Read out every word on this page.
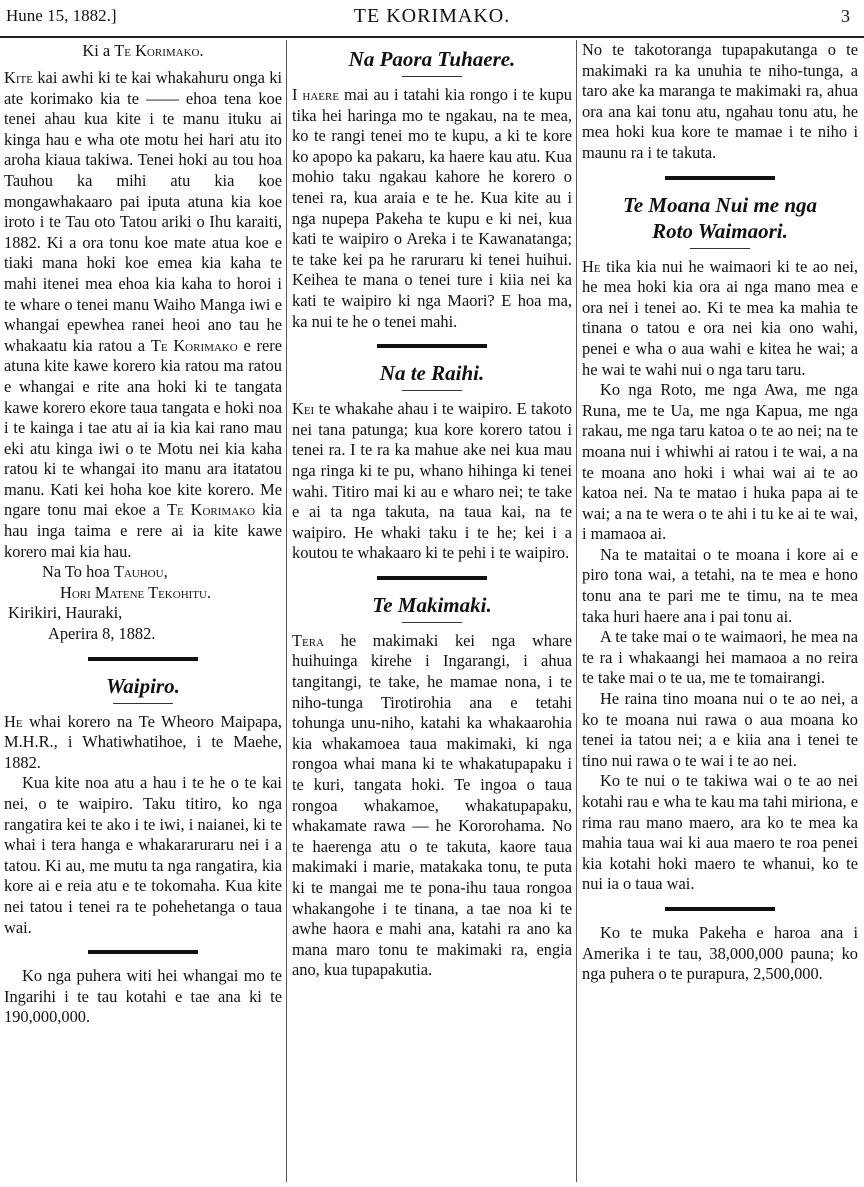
Hune 15, 1882.]	TE KORIMAKO.	3
Ki a Te Korimako.

Kite kai awhi ki te kai whakahuru onga ki ate korimako kia te —— ehoa tena koe tenei ahau kua kite i te manu ituku ai kinga hau e wha ote motu hei hari atu ito aroha kiaua takiwa. Tenei hoki au tou hoa Tauhou ka mihi atu kia koe mongawhakaaro pai iputa atuna kia koe iroto i te Tau oto Tatou ariki o Ihu karaiti, 1882. Ki a ora tonu koe mate atua koe e tiaki mana hoki koe emea kia kaha te mahi itenei mea ehoa kia kaha to horoi i te whare o tenei manu Waiho Manga iwi e whangai epewhea ranei heoi ano tau he whakaatu kia ratou a Te Korimako e rere atuna kite kawe korero kia ratou ma ratou e whangai e rite ana hoki ki te tangata kawe korero ekore taua tangata e hoki noa i te kainga i tae atu ai ia kia kai rano mau eki atu kinga iwi o te Motu nei kia kaha ratou ki te whangai ito manu ara itatatou manu. Kati kei hoha koe kite korero. Me ngare tonu mai ekoe a Te Korimako kia hau inga taima e rere ai ia kite kawe korero mai kia hau.

Na To hoa Tauhou,

Hori Matene Tekohitu.

Kirikiri, Hauraki,

Aperira 8, 1882.

Waipiro.

He whai korero na Te Wheoro Maipapa, M.H.R., i Whatiwhatihoe, i te Maehe, 1882.

Kua kite noa atu a hau i te he o te kai nei, o te waipiro. Taku titiro, ko nga rangatira kei te ako i te iwi, i naianei, ki te whai i tera hanga e whakararuraru nei i a tatou. Ki au, me mutu ta nga rangatira, kia kore ai e reia atu e te tokomaha. Kua kite nei tatou i tenei ra te pohehetanga o taua wai.

Ko nga puhera witi hei whangai mo te Ingarihi i te tau kotahi e tae ana ki te 190,000,000.

Na Paora Tuhaere.

I haere mai au i tatahi kia rongo i te kupu tika hei haringa mo te ngakau, na te mea, ko te rangi tenei mo te kupu, a ki te kore ko apopo ka pakaru, ka haere kau atu. Kua mohio taku ngakau kahore he korero o tenei ra, kua araia e te he. Kua kite au i nga nupepa Pakeha te kupu e ki nei, kua kati te waipiro o Areka i te Kawanatanga; te take kei pa he raruraru ki tenei huihui. Keihea te mana o tenei ture i kiia nei ka kati te waipiro ki nga Maori? E hoa ma, ka nui te he o tenei mahi.

Na te Raihi.

Kei te whakahe ahau i te waipiro. E takoto nei tana patunga; kua kore korero tatou i tenei ra. I te ra ka mahue ake nei kua mau nga ringa ki te pu, whano hihinga ki tenei wahi. Titiro mai ki au e wharo nei; te take e ai ta nga takuta, na taua kai, na te waipiro. He whaki taku i te he; kei i a koutou te whakaaro ki te pehi i te waipiro.

Te Makimaki.

Tera he makimaki kei nga whare huihuinga kirehe i Ingarangi, i ahua tangitangi, te take, he mamae nona, i te niho-tunga Tirotirohia ana e tetahi tohunga unu-niho, katahi ka whakaarohia kia whakamoea taua makimaki, ki nga rongoa whai mana ki te whakatupapaku i te kuri, tangata hoki. Te ingoa o taua rongoa whakamoe, whakatupapaku, whakamate rawa — he Kororohama. No te haerenga atu o te takuta, kaore taua makimaki i marie, matakaka tonu, te puta ki te mangai me te pona-ihu taua rongoa whakangohe i te tinana, a tae noa ki te awhe haora e mahi ana, katahi ra ano ka mana maro tonu te makimaki ra, engia ano, kua tupapakutia.

No te takotoranga tupapakutanga o te makimaki ra ka unuhia te niho-tunga, a taro ake ka maranga te makimaki ra, ahua ora ana kai tonu atu, ngahau tonu atu, he mea hoki kua kore te mamae i te niho i maunu ra i te takuta.

Te Moana Nui me nga
Roto Waimaori.

He tika kia nui he waimaori ki te ao nei, he mea hoki kia ora ai nga mano mea e ora nei i tenei ao. Ki te mea ka mahia te tinana o tatou e ora nei kia ono wahi, penei e wha o aua wahi e kitea he wai; a he wai te wahi nui o nga taru taru.

Ko nga Roto, me nga Awa, me nga Runa, me te Ua, me nga Kapua, me nga rakau, me nga taru katoa o te ao nei; na te moana nui i whiwhi ai ratou i te wai, a na te moana ano hoki i whai wai ai te ao katoa nei. Na te matao i huka papa ai te wai; a na te wera o te ahi i tu ke ai te wai, i mamaoa ai.

Na te mataitai o te moana i kore ai e piro tona wai, a tetahi, na te mea e hono tonu ana te pari me te timu, na te mea taka huri haere ana i pai tonu ai.

A te take mai o te waimaori, he mea na te ra i whakaangi hei mamaoa a no reira te take mai o te ua, me te tomairangi.

He raina tino moana nui o te ao nei, a ko te moana nui rawa o aua moana ko tenei ia tatou nei; a e kiia ana i tenei te tino nui rawa o te wai i te ao nei.

Ko te nui o te takiwa wai o te ao nei kotahi rau e wha te kau ma tahi miriona, e rima rau mano maero, ara ko te mea ka mahia taua wai ki aua maero te roa penei kia kotahi hoki maero te whanui, ko te nui ia o taua wai.

Ko te muka Pakeha e haroa ana i Amerika i te tau, 38,000,000 pauna; ko nga puhera o te purapura, 2,500,000.
